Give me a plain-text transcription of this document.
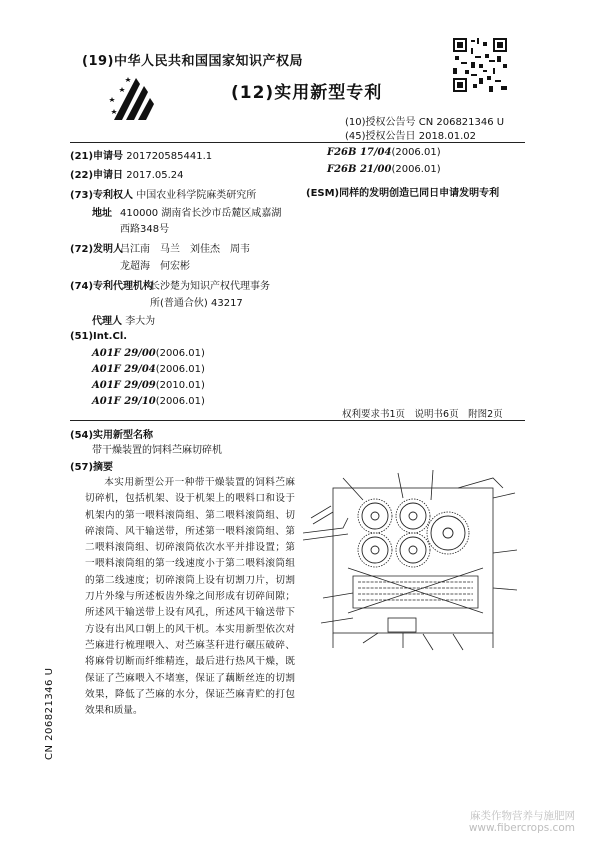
(19)中华人民共和国国家知识产权局
(12)实用新型专利
(10)授权公告号 CN 206821346 U
(45)授权公告日 2018.01.02
(21)申请号 201720585441.1
(22)申请日 2017.05.24
(73)专利权人 中国农业科学院麻类研究所
地址 410000 湖南省长沙市岳麓区咸嘉湖
西路348号
(72)发明人
吕江南　马兰　刘佳杰　周韦
龙超海　何宏彬
(74)专利代理机构
长沙楚为知识产权代理事务
所(普通合伙) 43217
代理人 李大为
(51)Int.Cl.
A01F 29/00(2006.01)
A01F 29/04(2006.01)
A01F 29/09(2010.01)
A01F 29/10(2006.01)
F26B 17/04(2006.01)
F26B 21/00(2006.01)
(ESM)同样的发明创造已同日申请发明专利
权利要求书1页　说明书6页　附图2页
(54)实用新型名称
带干燥装置的饲料苎麻切碎机
(57)摘要

本实用新型公开一种带干燥装置的饲料苎麻切碎机，包括机架、设于机架上的喂料口和设于机架内的第一喂料滚筒组、第二喂料滚筒组、切碎滚筒、风干输送带，所述第一喂料滚筒组、第二喂料滚筒组、切碎滚筒依次水平并排设置；第一喂料滚筒组的第一线速度小于第二喂料滚筒组的第二线速度；切碎滚筒上设有切割刀片，切割刀片外缘与所述板齿外缘之间形成有切碎间隙；所述风干输送带上设有风孔，所述风干输送带下方设有出风口朝上的风干机。本实用新型依次对苎麻进行梳理喂入、对苎麻茎秆进行碾压破碎、将麻骨切断而纤维精连，最后进行热风干燥，既保证了苎麻喂入不堵塞，保证了藕断丝连的切割效果，降低了苎麻的水分，保证苎麻青贮的打包效果和质量。

CN 206821346 U
麻类作物营养与施肥网
www.fibercrops.com
